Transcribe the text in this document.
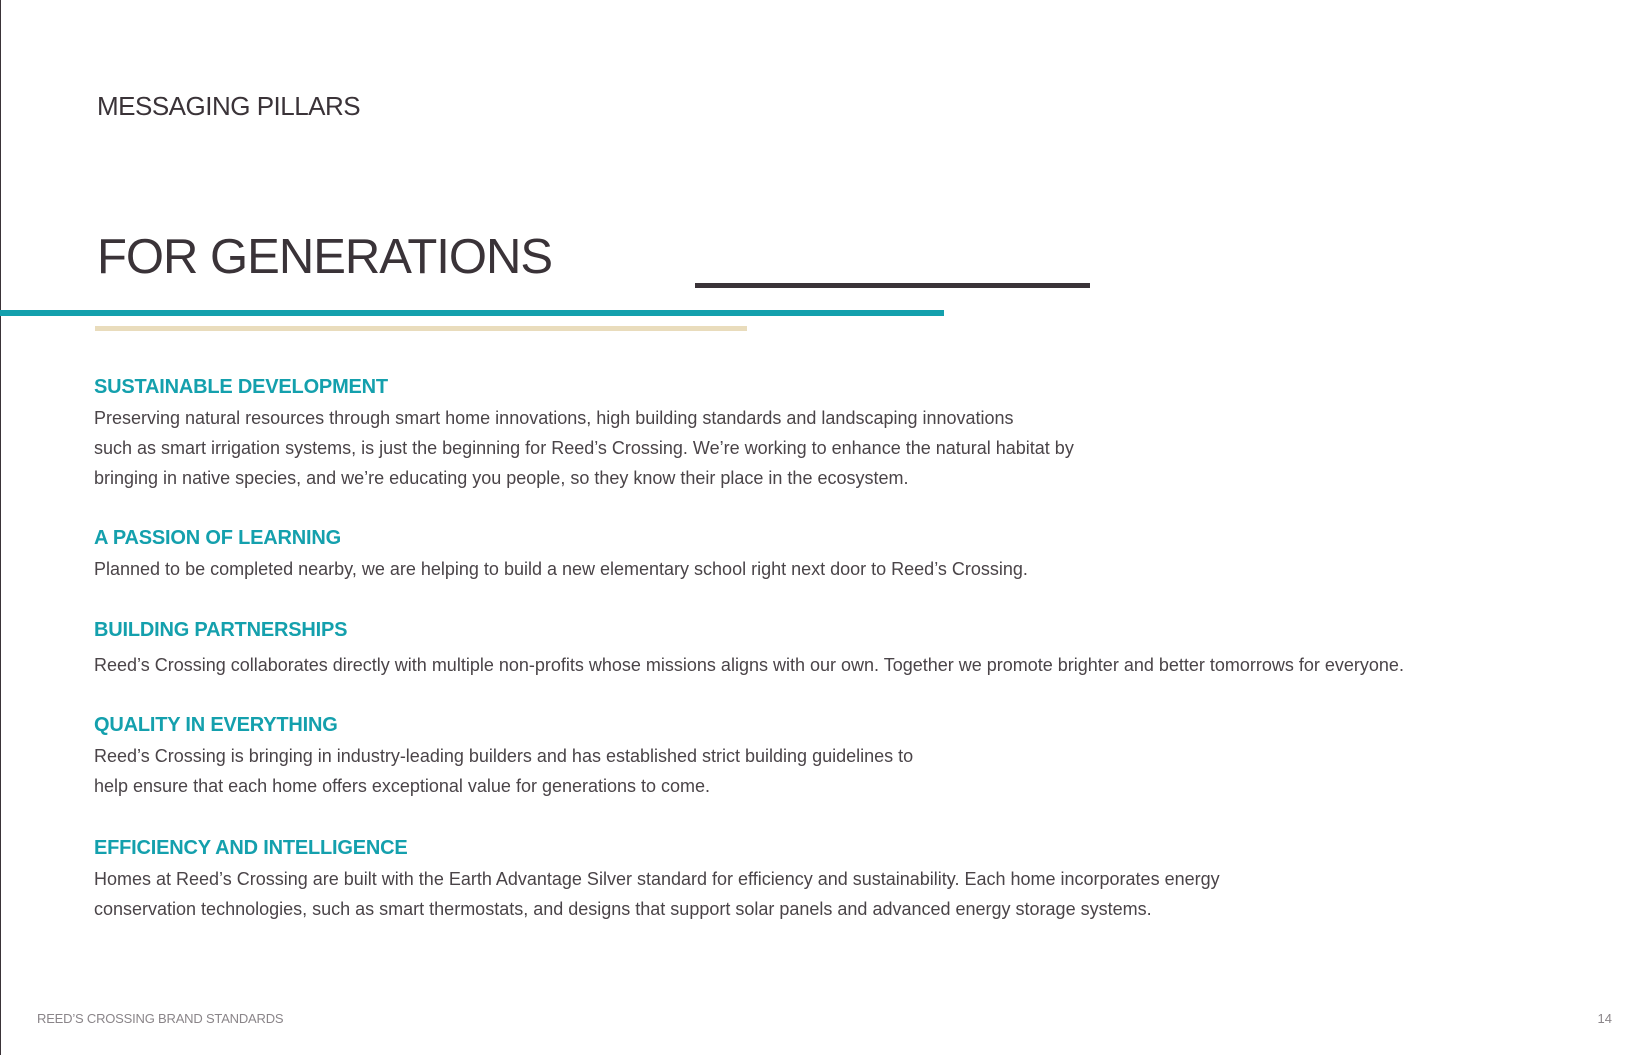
MESSAGING PILLARS
FOR GENERATIONS
SUSTAINABLE DEVELOPMENT

Preserving natural resources through smart home innovations, high building standards and landscaping innovations
such as smart irrigation systems, is just the beginning for Reed’s Crossing. We’re working to enhance the natural habitat by
bringing in native species, and we’re educating you people, so they know their place in the ecosystem.

A PASSION OF LEARNING

Planned to be completed nearby, we are helping to build a new elementary school right next door to Reed’s Crossing.

BUILDING PARTNERSHIPS

Reed’s Crossing collaborates directly with multiple non-profits whose missions aligns with our own. Together we promote brighter and better tomorrows for everyone.

QUALITY IN EVERYTHING

Reed’s Crossing is bringing in industry-leading builders and has established strict building guidelines to
help ensure that each home offers exceptional value for generations to come.

EFFICIENCY AND INTELLIGENCE

Homes at Reed’s Crossing are built with the Earth Advantage Silver standard for efficiency and sustainability. Each home incorporates energy
conservation technologies, such as smart thermostats, and designs that support solar panels and advanced energy storage systems.

REED’S CROSSING BRAND STANDARDS	14
